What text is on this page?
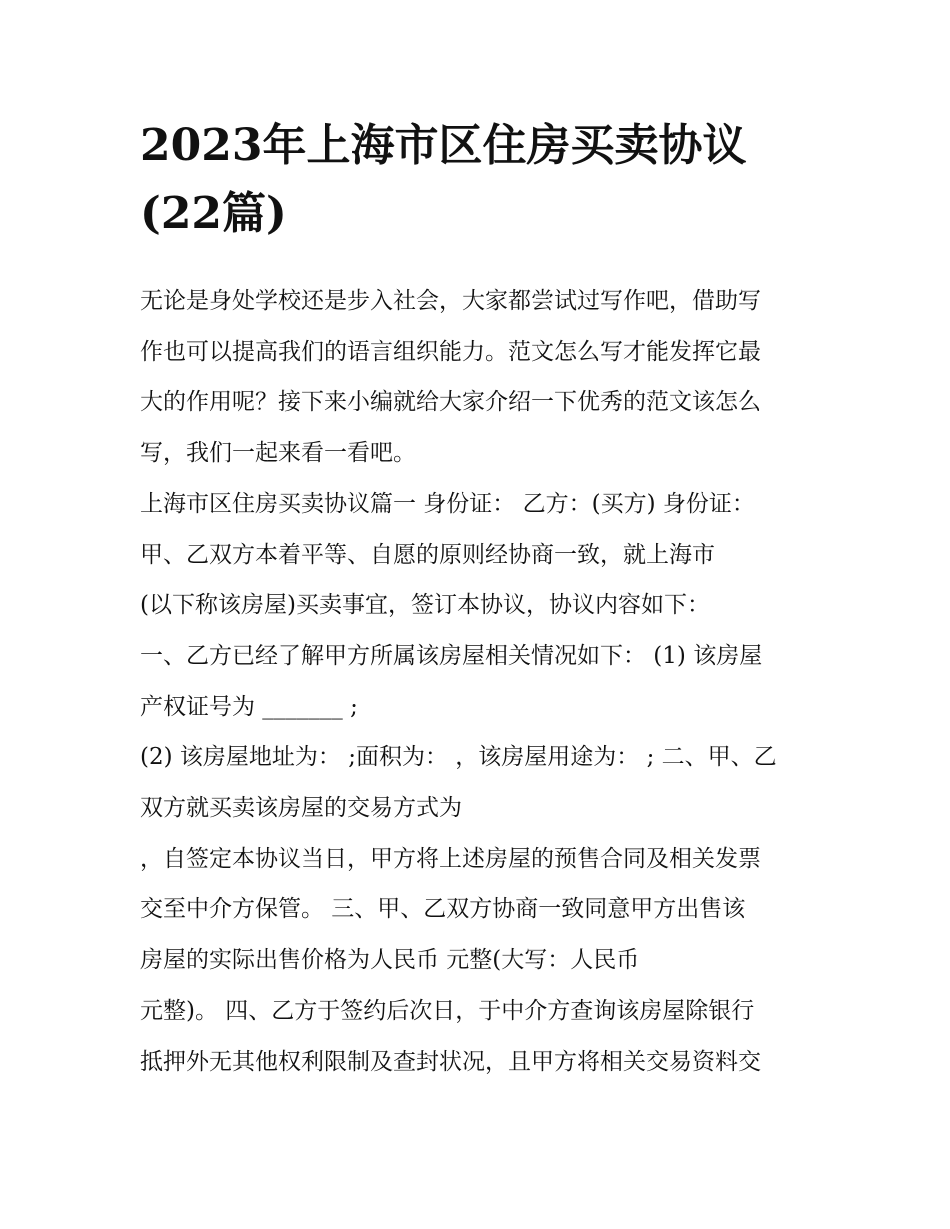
2023年上海市区住房买卖协议
(22篇)
无论是身处学校还是步入社会，大家都尝试过写作吧，借助写
作也可以提高我们的语言组织能力。范文怎么写才能发挥它最
大的作用呢？接下来小编就给大家介绍一下优秀的范文该怎么
写，我们一起来看一看吧。
上海市区住房买卖协议篇一 身份证： 乙方：(买方) 身份证：
甲、乙双方本着平等、自愿的原则经协商一致，就上海市
(以下称该房屋)买卖事宜，签订本协议，协议内容如下：
一、乙方已经了解甲方所属该房屋相关情况如下： (1) 该房屋
产权证号为 _______ ;
(2) 该房屋地址为： ;面积为： ，该房屋用途为： ; 二、甲、乙
双方就买卖该房屋的交易方式为
，自签定本协议当日，甲方将上述房屋的预售合同及相关发票
交至中介方保管。 三、甲、乙双方协商一致同意甲方出售该
房屋的实际出售价格为人民币 元整(大写：人民币
元整)。 四、乙方于签约后次日，于中介方查询该房屋除银行
抵押外无其他权利限制及查封状况，且甲方将相关交易资料交
